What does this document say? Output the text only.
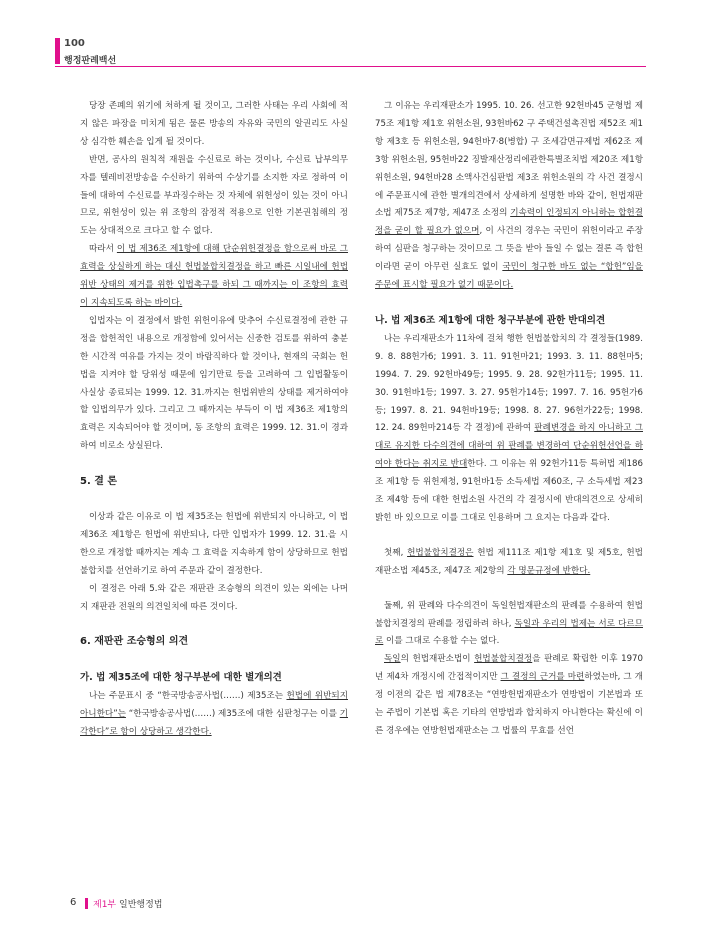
100
행정판례백선

당장 존폐의 위기에 처하게 될 것이고, 그러한 사태는 우리 사회에 적지 않은 파장을 미치게 됨은 물론 방송의 자유와 국민의 알권리도 사실상 심각한 훼손을 입게 될 것이다.

반면, 공사의 원칙적 재원을 수신료로 하는 것이나, 수신료 납부의무자를 텔레비전방송을 수신하기 위하여 수상기를 소지한 자로 정하여 이들에 대하여 수신료를 부과징수하는 것 자체에 위헌성이 있는 것이 아니므로, 위헌성이 있는 위 조항의 잠정적 적용으로 인한 기본권침해의 정도는 상대적으로 크다고 할 수 없다.

따라서 이 법 제36조 제1항에 대해 단순위헌결정을 함으로써 바로 그 효력을 상실하게 하는 대신 헌법불합치결정을 하고 빠른 시일내에 헌법위반 상태의 제거를 위한 입법촉구를 하되 그 때까지는 이 조항의 효력이 지속되도록 하는 바이다.

입법자는 이 결정에서 밝힌 위헌이유에 맞추어 수신료결정에 관한 규정을 합헌적인 내용으로 개정함에 있어서는 신중한 검토를 위하여 충분한 시간적 여유를 가지는 것이 바람직하다 할 것이나, 현재의 국회는 헌법을 지켜야 할 당위성 때문에 임기만료 등을 고려하여 그 입법활동이 사실상 종료되는 1999. 12. 31.까지는 헌법위반의 상태를 제거하여야 할 입법의무가 있다. 그리고 그 때까지는 부득이 이 법 제36조 제1항의 효력은 지속되어야 할 것이며, 동 조항의 효력은 1999. 12. 31.이 경과하여 비로소 상실된다.

5. 결 론

이상과 같은 이유로 이 법 제35조는 헌법에 위반되지 아니하고, 이 법 제36조 제1항은 헌법에 위반되나, 다만 입법자가 1999. 12. 31.을 시한으로 개정할 때까지는 계속 그 효력을 지속하게 함이 상당하므로 헌법불합치를 선언하기로 하여 주문과 같이 결정한다.

이 결정은 아래 5.와 같은 재판관 조승형의 의견이 있는 외에는 나머지 재판관 전원의 의견일치에 따른 것이다.

6. 재판관 조승형의 의견

가. 법 제35조에 대한 청구부분에 대한 별개의견

나는 주문표시 중 “한국방송공사법(……) 제35조는 헌법에 위반되지 아니한다”는 “한국방송공사법(……) 제35조에 대한 심판청구는 이를 기각한다”로 함이 상당하고 생각한다.

그 이유는 우리재판소가 1995. 10. 26. 선고한 92헌바45 군형법 제75조 제1항 제1호 위헌소원, 93헌바62 구 주택건설촉진법 제52조 제1항 제3호 등 위헌소원, 94헌바7·8(병합) 구 조세감면규제법 제62조 제3항 위헌소원, 95헌바22 징발재산정리에관한특별조치법 제20조 제1항 위헌소원, 94헌바28 소액사건심판법 제3조 위헌소원의 각 사건 결정시에 주문표시에 관한 별개의견에서 상세하게 설명한 바와 같이, 헌법재판소법 제75조 제7항, 제47조 소정의 기속력이 인정되지 아니하는 합헌결정을 굳이 할 필요가 없으며, 이 사건의 경우는 국민이 위헌이라고 주장하여 심판을 청구하는 것이므로 그 뜻을 받아 들일 수 없는 결론 즉 합헌이라면 굳이 아무런 실효도 없이 국민이 청구한 바도 없는 “합헌”임을 주문에 표시할 필요가 없기 때문이다.

나. 법 제36조 제1항에 대한 청구부분에 관한 반대의견

나는 우리재판소가 11차에 걸쳐 행한 헌법불합치의 각 결정들(1989. 9. 8. 88헌가6; 1991. 3. 11. 91헌마21; 1993. 3. 11. 88헌마5; 1994. 7. 29. 92헌바49등; 1995. 9. 28. 92헌가11등; 1995. 11. 30. 91헌바1등; 1997. 3. 27. 95헌가14등; 1997. 7. 16. 95헌가6등; 1997. 8. 21. 94헌바19등; 1998. 8. 27. 96헌가22등; 1998. 12. 24. 89헌마214등 각 결정)에 관하여 판례변경을 하지 아니하고 그대로 유지한 다수의견에 대하여 위 판례를 변경하여 단순위헌선언을 하여야 한다는 취지로 반대한다. 그 이유는 위 92헌가11등 특허법 제186조 제1항 등 위헌제청, 91헌바1등 소득세법 제60조, 구 소득세법 제23조 제4항 등에 대한 헌법소원 사건의 각 결정시에 반대의견으로 상세히 밝힌 바 있으므로 이를 그대로 인용하며 그 요지는 다음과 같다.

첫째, 헌법불합치결정은 헌법 제111조 제1항 제1호 및 제5호, 헌법재판소법 제45조, 제47조 제2항의 각 명문규정에 반한다.

둘째, 위 판례와 다수의견이 독일헌법재판소의 판례를 수용하여 헌법불합치결정의 판례를 정립하려 하나, 독일과 우리의 법제는 서로 다르므로 이를 그대로 수용할 수는 없다.

독일의 헌법재판소법이 헌법불합치결정을 판례로 확립한 이후 1970년 제4차 개정시에 간접적이지만 그 결정의 근거를 마련하였는바, 그 개정 이전의 같은 법 제78조는 “연방헌법재판소가 연방법이 기본법과 또는 주법이 기본법 혹은 기타의 연방법과 합치하지 아니한다는 확신에 이른 경우에는 연방헌법재판소는 그 법률의 무효를 선언

6 제1부 일반행정법
